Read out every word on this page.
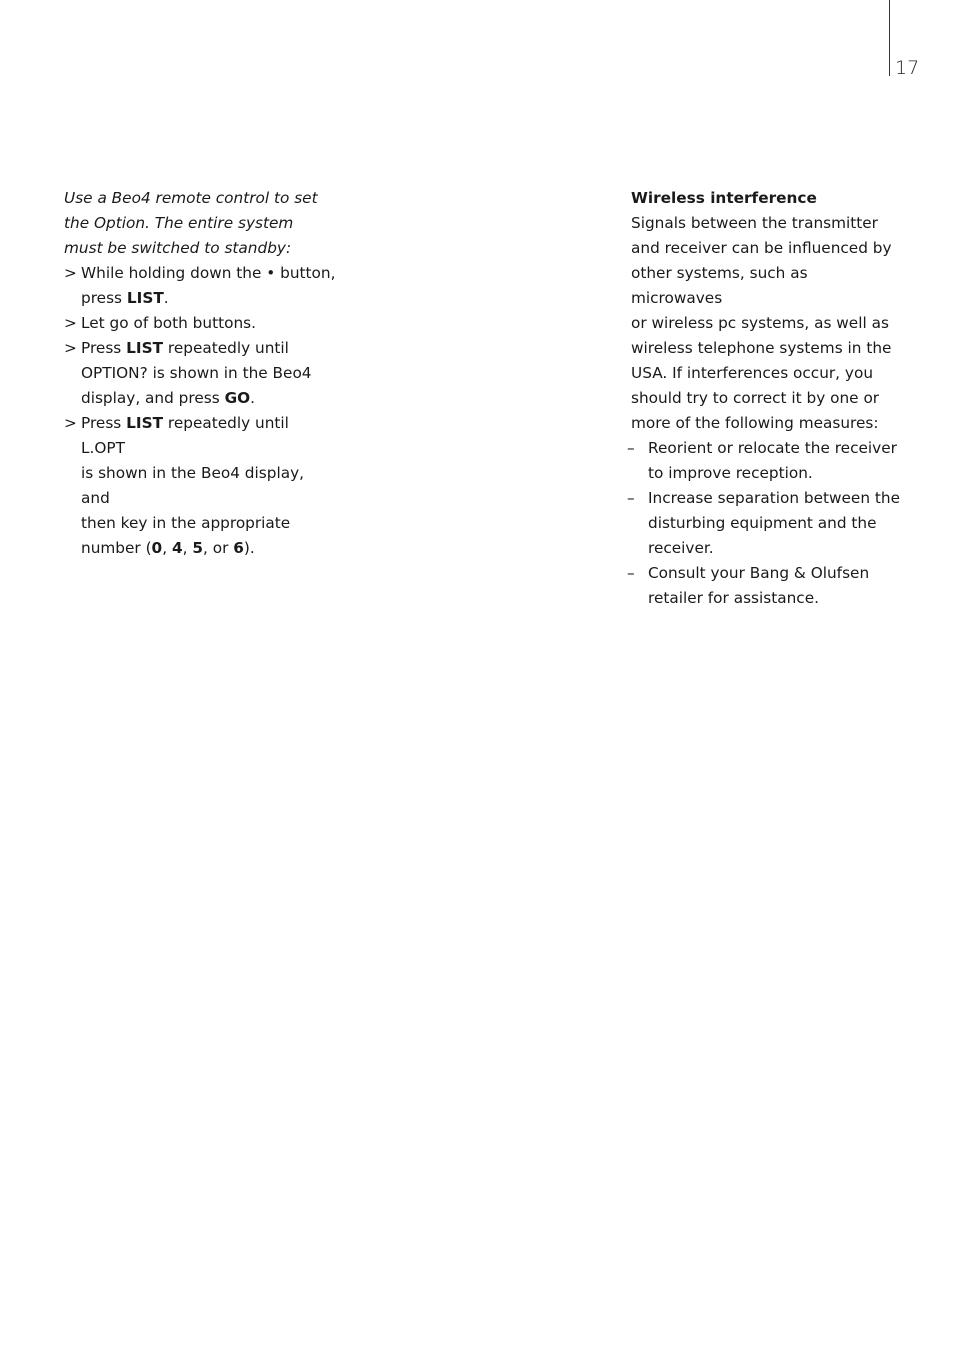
17

Use a Beo4 remote control to set
the Option. The entire system
must be switched to standby:

> While holding down the • button,
press LIST.
> Let go of both buttons.
> Press LIST repeatedly until
OPTION? is shown in the Beo4
display, and press GO.
> Press LIST repeatedly until L.OPT
is shown in the Beo4 display, and
then key in the appropriate
number (0, 4, 5, or 6).

Wireless interference

Signals between the transmitter
and receiver can be influenced by
other systems, such as microwaves
or wireless pc systems, as well as
wireless telephone systems in the
USA. If interferences occur, you
should try to correct it by one or
more of the following measures:

– Reorient or relocate the receiver
to improve reception.
– Increase separation between the
disturbing equipment and the
receiver.
– Consult your Bang & Olufsen
retailer for assistance.
